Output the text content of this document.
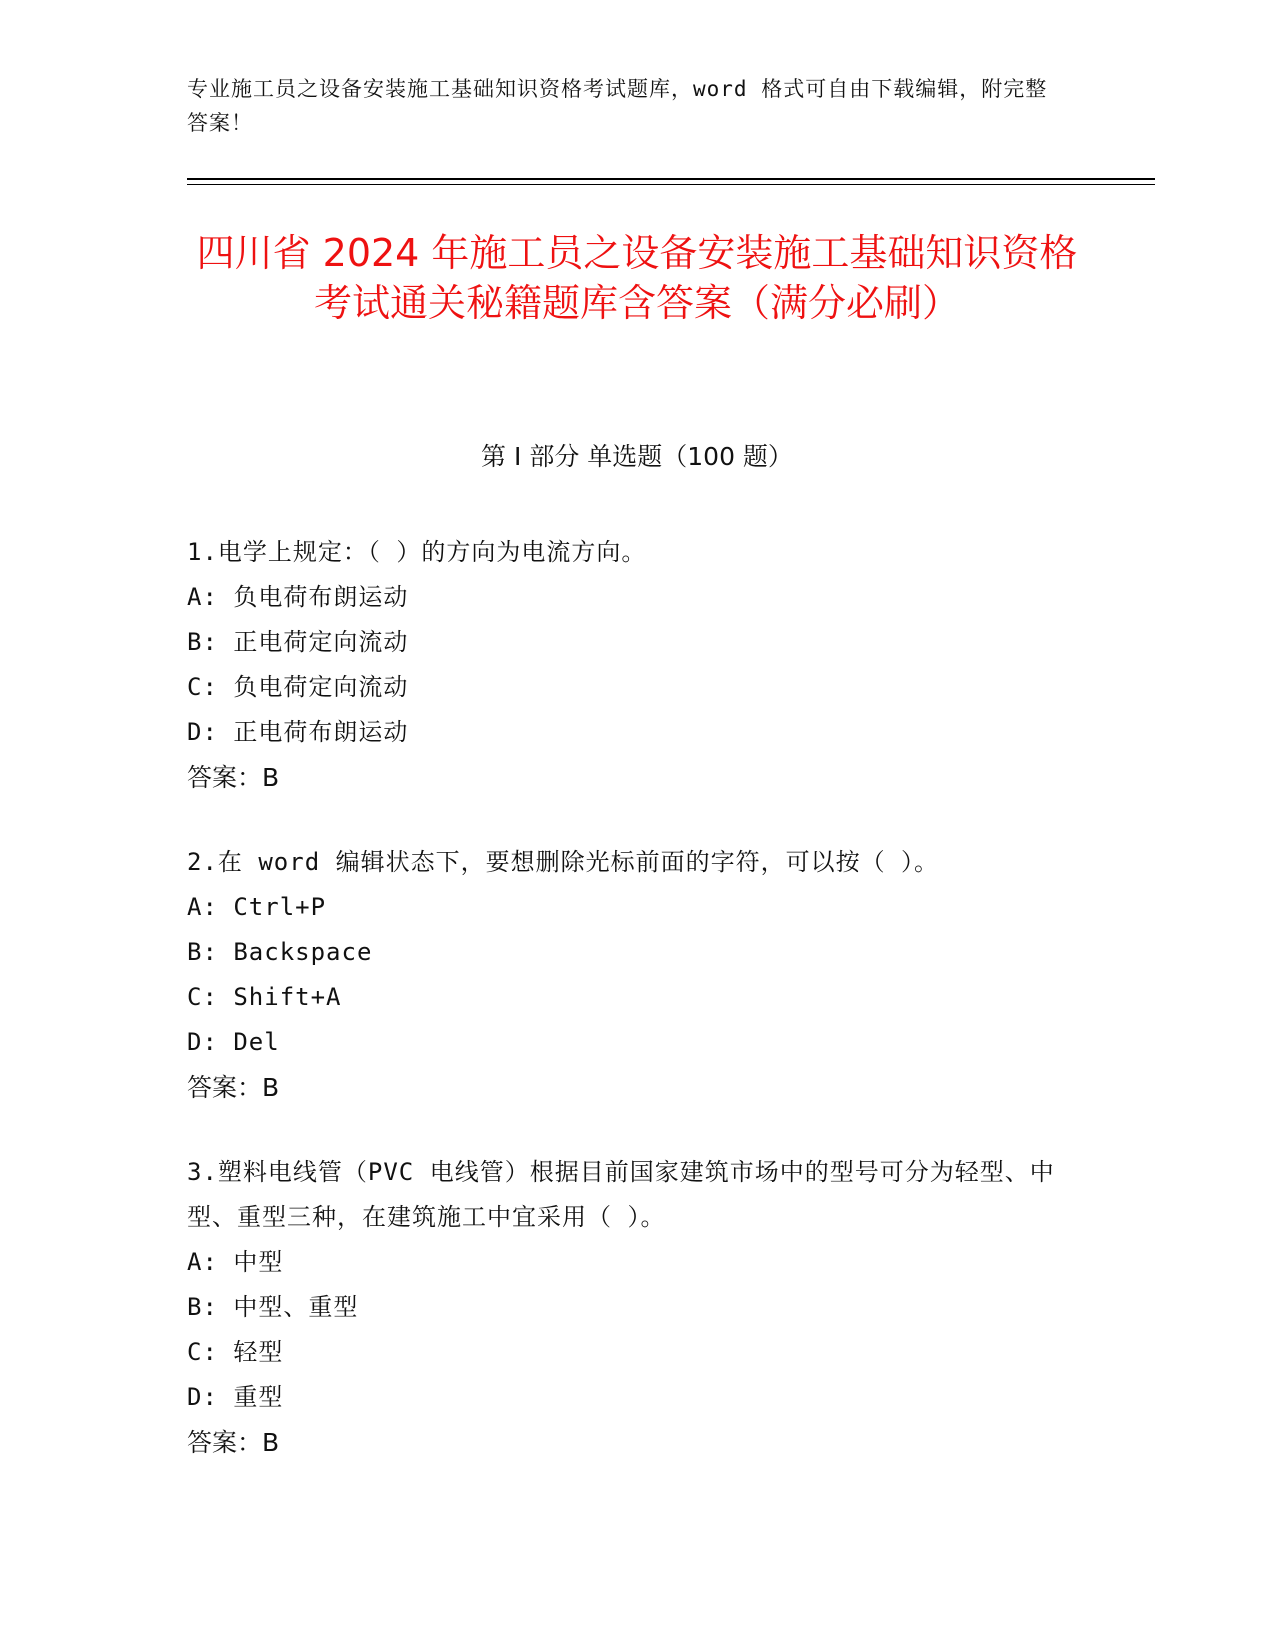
专业施工员之设备安装施工基础知识资格考试题库，word 格式可自由下载编辑，附完整答案！
四川省 2024 年施工员之设备安装施工基础知识资格考试通关秘籍题库含答案（满分必刷）
第 I 部分 单选题（100 题）
1.电学上规定：（ ）的方向为电流方向。
A: 负电荷布朗运动
B: 正电荷定向流动
C: 负电荷定向流动
D: 正电荷布朗运动
答案：B
2.在 word 编辑状态下，要想删除光标前面的字符，可以按（ ）。
A: Ctrl+P
B: Backspace
C: Shift+A
D: Del
答案：B
3.塑料电线管（PVC 电线管）根据目前国家建筑市场中的型号可分为轻型、中型、重型三种，在建筑施工中宜采用（ ）。
A: 中型
B: 中型、重型
C: 轻型
D: 重型
答案：B
